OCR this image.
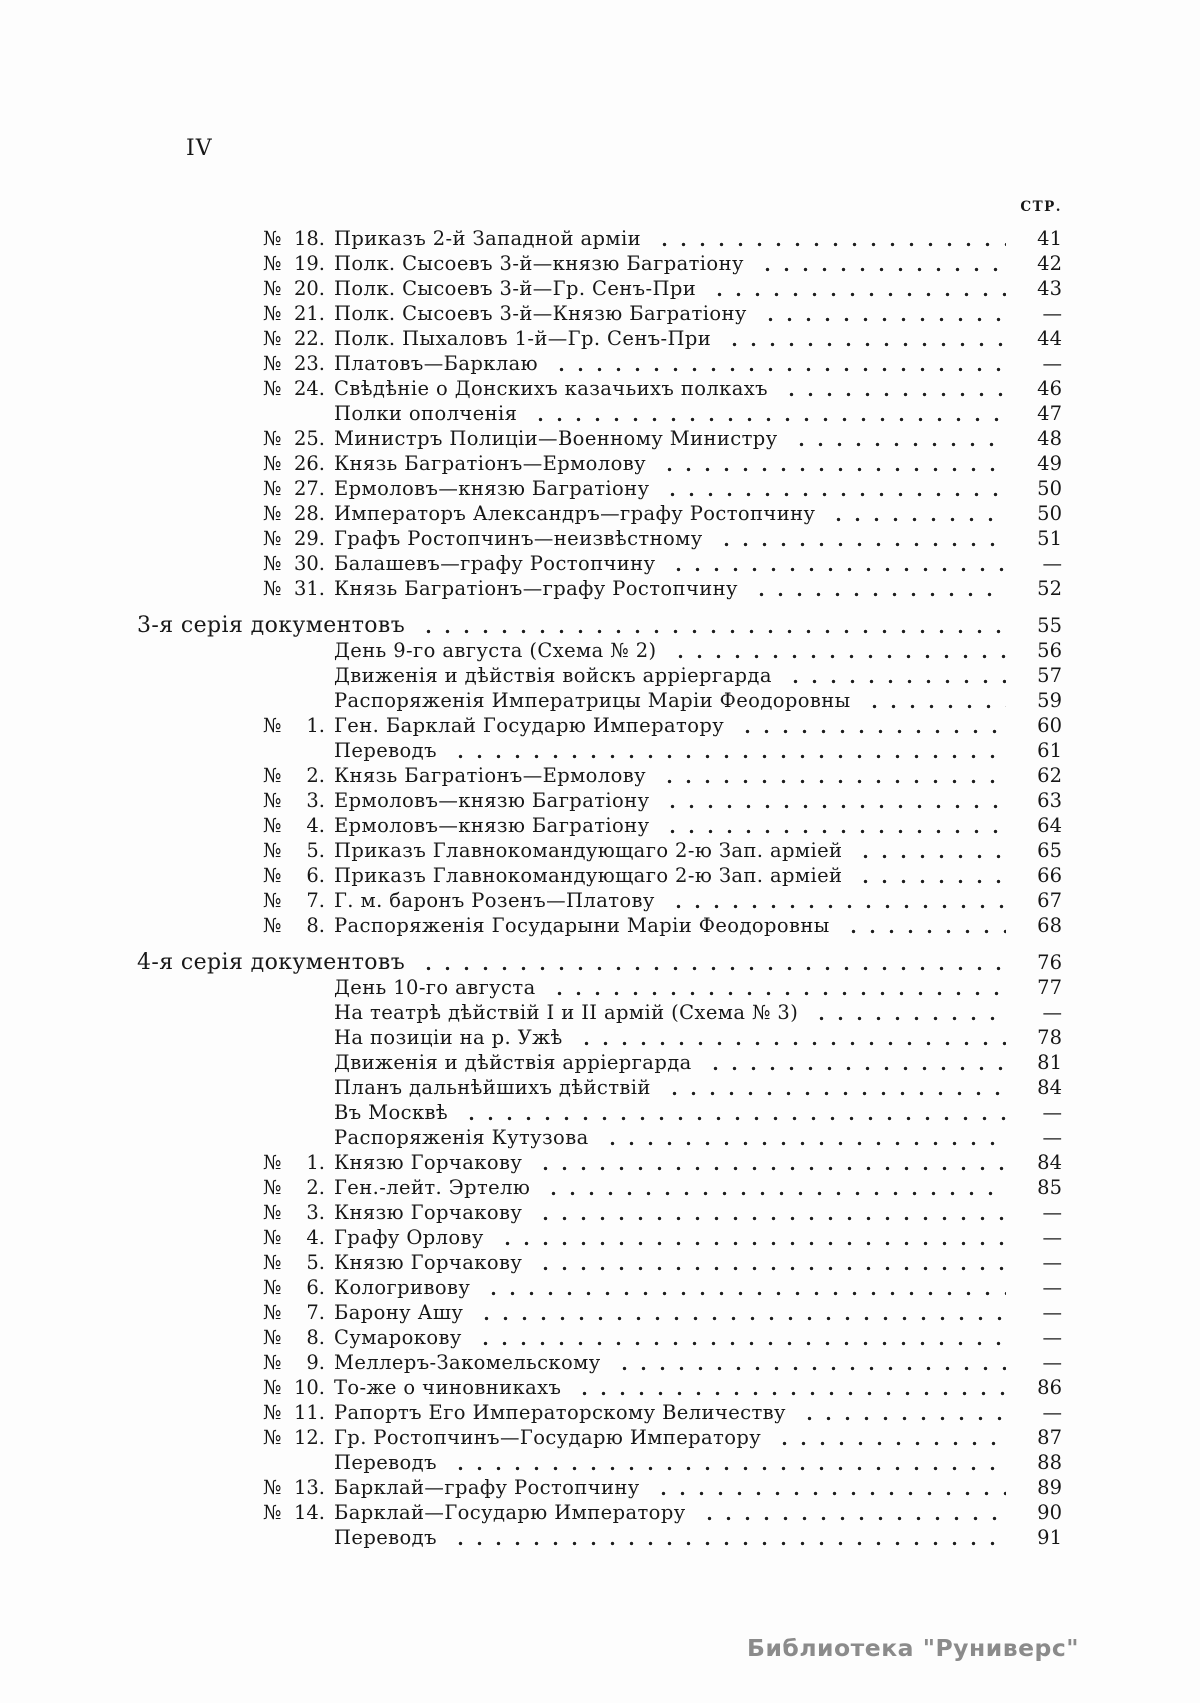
IV
СТР.
№ 18. Приказъ 2-й Западной арміи	41
№ 19. Полк. Сысоевъ 3-й—князю Багратіону	42
№ 20. Полк. Сысоевъ 3-й—Гр. Сенъ-При	43
№ 21. Полк. Сысоевъ 3-й—Князю Багратіону	—
№ 22. Полк. Пыхаловъ 1-й—Гр. Сенъ-При	44
№ 23. Платовъ—Барклаю	—
№ 24. Свѣдѣніе о Донскихъ казачьихъ полкахъ	46
Полки ополченія	47
№ 25. Министръ Полиціи—Военному Министру	48
№ 26. Князь Багратіонъ—Ермолову	49
№ 27. Ермоловъ—князю Багратіону	50
№ 28. Императоръ Александръ—графу Ростопчину	50
№ 29. Графъ Ростопчинъ—неизвѣстному	51
№ 30. Балашевъ—графу Ростопчину	—
№ 31. Князь Багратіонъ—графу Ростопчину	52
3-я серія документовъ	55
День 9-го августа (Схема № 2)	56
Движенія и дѣйствія войскъ арріергарда	57
Распоряженія Императрицы Маріи Феодоровны	59
№ 1. Ген. Барклай Государю Императору	60
Переводъ	61
№ 2. Князь Багратіонъ—Ермолову	62
№ 3. Ермоловъ—князю Багратіону	63
№ 4. Ермоловъ—князю Багратіону	64
№ 5. Приказъ Главнокомандующаго 2-ю Зап. арміей	65
№ 6. Приказъ Главнокомандующаго 2-ю Зап. арміей	66
№ 7. Г. м. баронъ Розенъ—Платову	67
№ 8. Распоряженія Государыни Маріи Феодоровны	68
4-я серія документовъ	76
День 10-го августа	77
На театрѣ дѣйствій I и II армій (Схема № 3)	—
На позиціи на р. Ужѣ	78
Движенія и дѣйствія арріергарда	81
Планъ дальнѣйшихъ дѣйствій	84
Въ Москвѣ	—
Распоряженія Кутузова	—
№ 1. Князю Горчакову	84
№ 2. Ген.-лейт. Эртелю	85
№ 3. Князю Горчакову	—
№ 4. Графу Орлову	—
№ 5. Князю Горчакову	—
№ 6. Кологривову	—
№ 7. Барону Ашу	—
№ 8. Сумарокову	—
№ 9. Меллеръ-Закомельскому	—
№ 10. То-же о чиновникахъ	86
№ 11. Рапортъ Его Императорскому Величеству	—
№ 12. Гр. Ростопчинъ—Государю Императору	87
Переводъ	88
№ 13. Барклай—графу Ростопчину	89
№ 14. Барклай—Государю Императору	90
Переводъ	91
Библиотека "Руниверс"
